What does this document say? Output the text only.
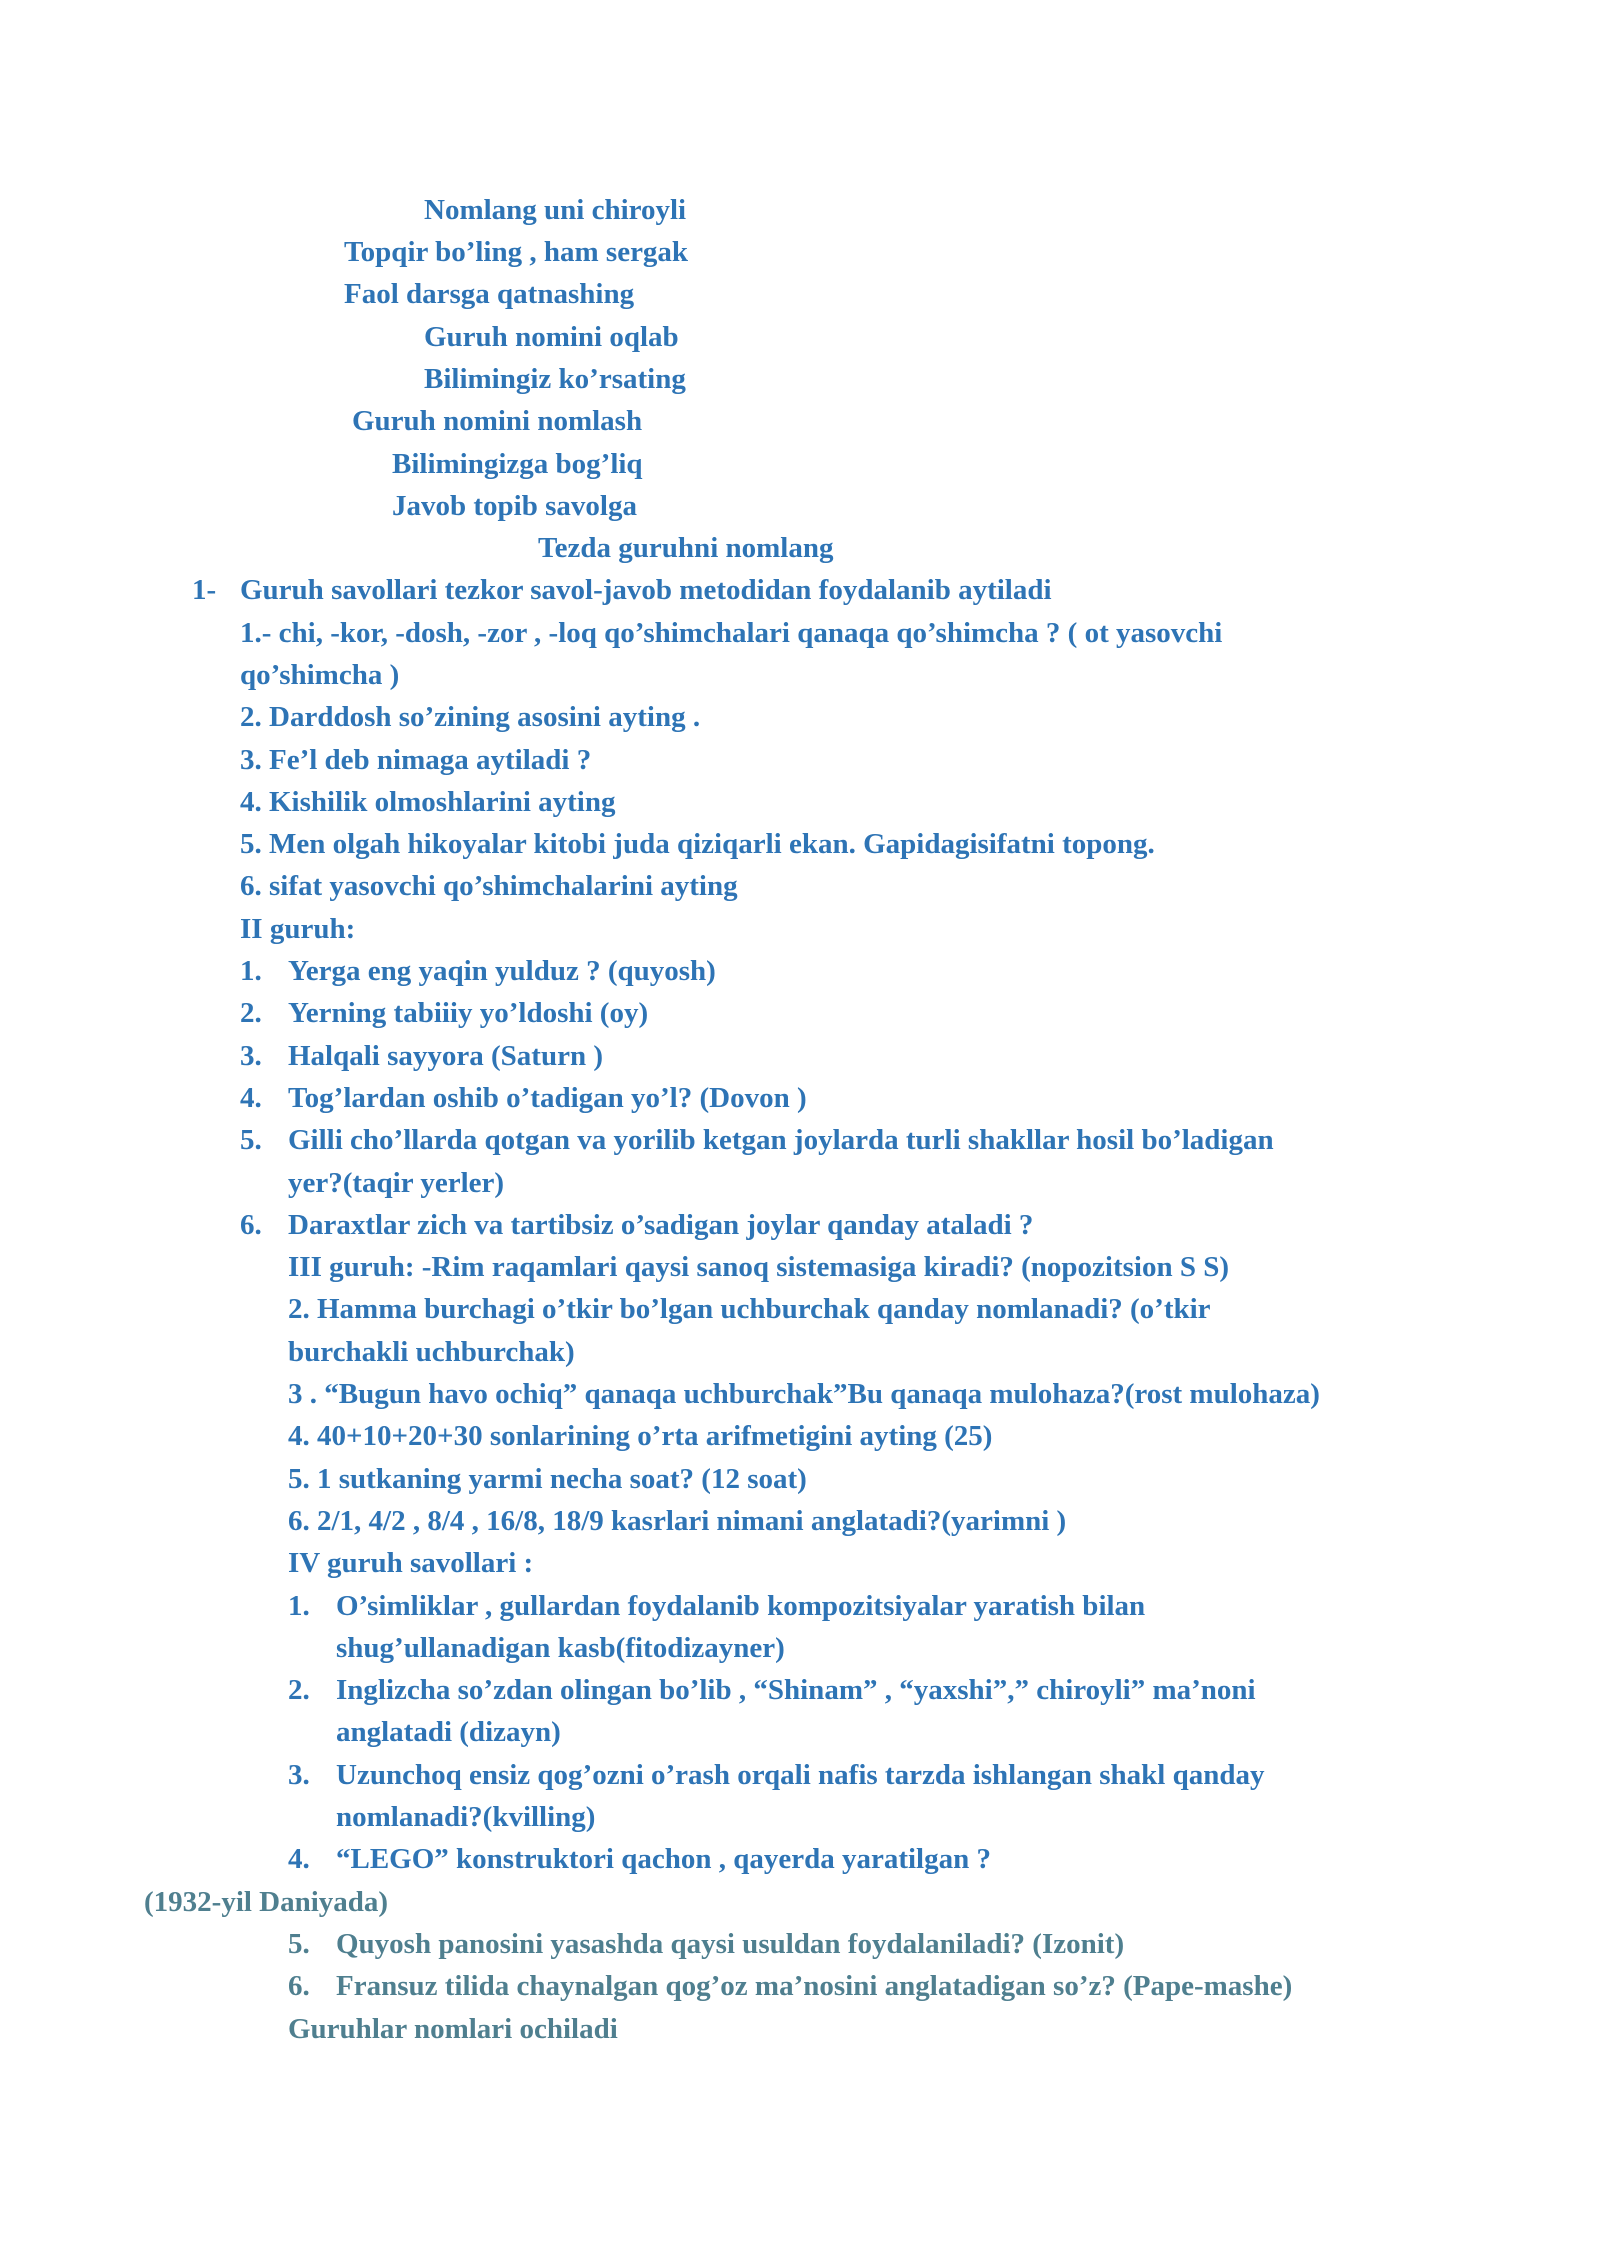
Nomlang uni chiroyli
Topqir bo’ling , ham sergak
Faol darsga qatnashing
Guruh nomini oqlab
Bilimingiz ko’rsating
Guruh nomini nomlash
Bilimingizga bog’liq
Javob topib savolga
Tezda guruhni nomlang
1- Guruh savollari tezkor savol-javob metodidan foydalanib aytiladi
1.- chi, -kor, -dosh, -zor , -loq qo’shimchalari qanaqa qo’shimcha ? ( ot yasovchi
qo’shimcha )
2. Darddosh so’zining asosini ayting .
3. Fe’l deb nimaga aytiladi ?
4. Kishilik olmoshlarini ayting
5. Men olgah hikoyalar kitobi juda qiziqarli ekan. Gapidagisifatni topong.
6. sifat yasovchi qo’shimchalarini ayting
II guruh:
1. Yerga eng yaqin yulduz ? (quyosh)
2. Yerning tabiiiy yo’ldoshi (oy)
3. Halqali sayyora (Saturn )
4. Tog’lardan oshib o’tadigan yo’l? (Dovon )
5. Gilli cho’llarda qotgan va yorilib ketgan joylarda turli shakllar hosil bo’ladigan
yer?(taqir yerler)
6. Daraxtlar zich va tartibsiz o’sadigan joylar qanday ataladi ?
III guruh: -Rim raqamlari qaysi sanoq sistemasiga kiradi? (nopozitsion S S)
2. Hamma burchagi o’tkir bo’lgan uchburchak qanday nomlanadi? (o’tkir
burchakli uchburchak)
3 . “Bugun havo ochiq” qanaqa uchburchak”Bu qanaqa mulohaza?(rost mulohaza)
4. 40+10+20+30 sonlarining o’rta arifmetigini ayting (25)
5. 1 sutkaning yarmi necha soat? (12 soat)
6. 2/1, 4/2 , 8/4 , 16/8, 18/9 kasrlari nimani anglatadi?(yarimni )
IV guruh savollari :
1. O’simliklar , gullardan foydalanib kompozitsiyalar yaratish bilan
shug’ullanadigan kasb(fitodizayner)
2. Inglizcha so’zdan olingan bo’lib , “Shinam” , “yaxshi”,” chiroyli” ma’noni
anglatadi (dizayn)
3. Uzunchoq ensiz qog’ozni o’rash orqali nafis tarzda ishlangan shakl qanday
nomlanadi?(kvilling)
4. “LEGO” konstruktori qachon , qayerda yaratilgan ?
(1932-yil Daniyada)
5. Quyosh panosini yasashda qaysi usuldan foydalaniladi? (Izonit)
6. Fransuz tilida chaynalgan qog’oz ma’nosini anglatadigan so’z? (Pape-mashe)
Guruhlar nomlari ochiladi
